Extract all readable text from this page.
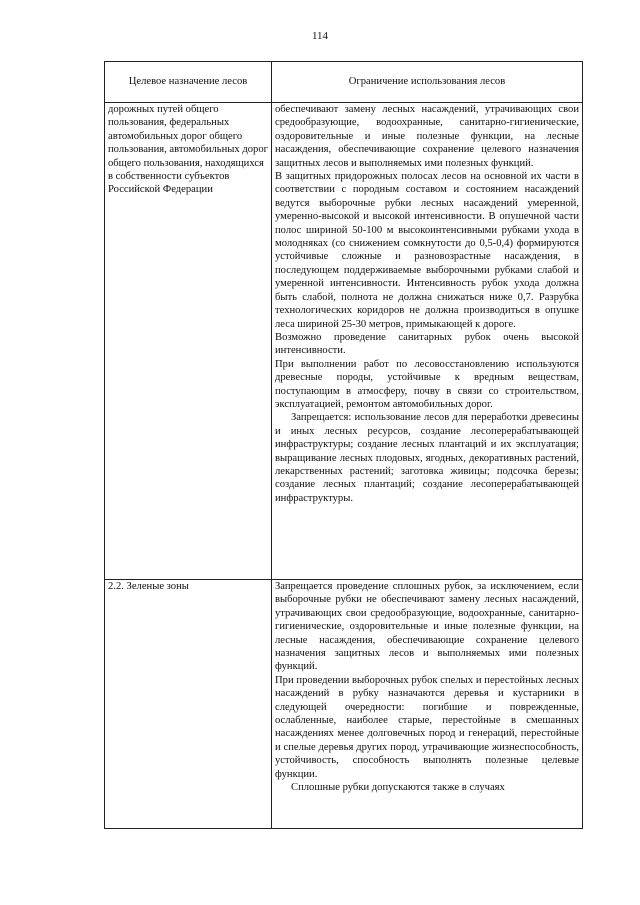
114
Целевое назначение лесов	Ограничение использования лесов
дорожных путей общего пользования, федеральных автомобильных дорог общего пользования, автомобильных дорог общего пользования, находящихся в собственности субъектов Российской Федерации	обеспечивают замену лесных насаждений, утрачивающих свои средообразующие, водоохранные, санитарно-гигиенические, оздоровительные и иные полезные функции, на лесные насаждения, обеспечивающие сохранение целевого назначения защитных лесов и выполняемых ими полезных функций.

В защитных придорожных полосах лесов на основной их части в соответствии с породным составом и состоянием насаждений ведутся выборочные рубки лесных насаждений умеренной, умеренно-высокой и высокой интенсивности. В опушечной части полос шириной 50-100 м высокоинтенсивными рубками ухода в молодняках (со снижением сомкнутости до 0,5-0,4) формируются устойчивые сложные и разновозрастные насаждения, в последующем поддерживаемые выборочными рубками слабой и умеренной интенсивности. Интенсивность рубок ухода должна быть слабой, полнота не должна снижаться ниже 0,7. Разрубка технологических коридоров не должна производиться в опушке леса шириной 25-30 метров, примыкающей к дороге.

Возможно проведение санитарных рубок очень высокой интенсивности.

При выполнении работ по лесовосстановлению используются древесные породы, устойчивые к вредным веществам, поступающим в атмосферу, почву в связи со строительством, эксплуатацией, ремонтом автомобильных дорог.

Запрещается: использование лесов для переработки древесины и иных лесных ресурсов, создание лесоперерабатывающей инфраструктуры; создание лесных плантаций и их эксплуатация; выращивание лесных плодовых, ягодных, декоративных растений, лекарственных растений; заготовка живицы; подсочка березы; создание лесных плантаций; создание лесоперерабатывающей инфраструктуры.

2.2. Зеленые зоны	Запрещается проведение сплошных рубок, за исключением, если выборочные рубки не обеспечивают замену лесных насаждений, утрачивающих свои средообразующие, водоохранные, санитарно-гигиенические, оздоровительные и иные полезные функции, на лесные насаждения, обеспечивающие сохранение целевого назначения защитных лесов и выполняемых ими полезных функций.

При проведении выборочных рубок спелых и перестойных лесных насаждений в рубку назначаются деревья и кустарники в следующей очередности: погибшие и поврежденные, ослабленные, наиболее старые, перестойные в смешанных насаждениях менее долговечных пород и генераций, перестойные и спелые деревья других пород, утрачивающие жизнеспособность, устойчивость, способность выполнять полезные целевые функции.

Сплошные рубки допускаются также в случаях
